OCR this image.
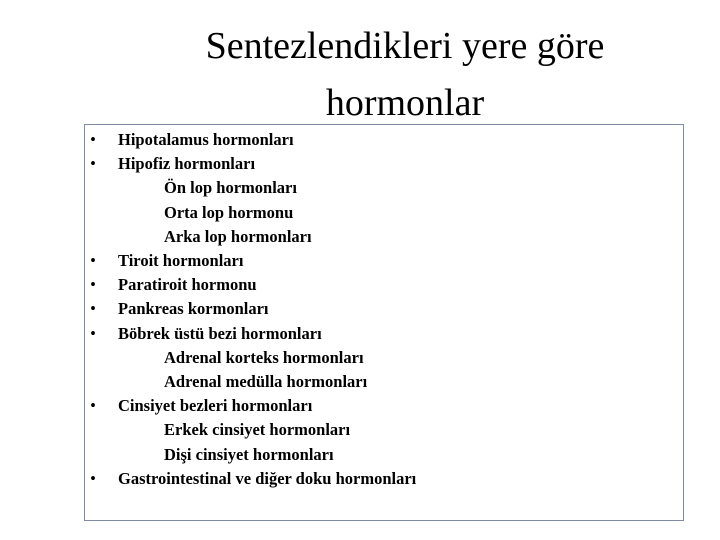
Sentezlendikleri yere göre
hormonlar
• Hipotalamus hormonları
• Hipofiz hormonları
Ön lop hormonları
Orta lop hormonu
Arka lop hormonları
• Tiroit hormonları
• Paratiroit hormonu
• Pankreas kormonları
• Böbrek üstü bezi hormonları
Adrenal korteks hormonları
Adrenal medülla hormonları
• Cinsiyet bezleri hormonları
Erkek cinsiyet hormonları
Dişi cinsiyet hormonları
• Gastrointestinal ve diğer doku hormonları
